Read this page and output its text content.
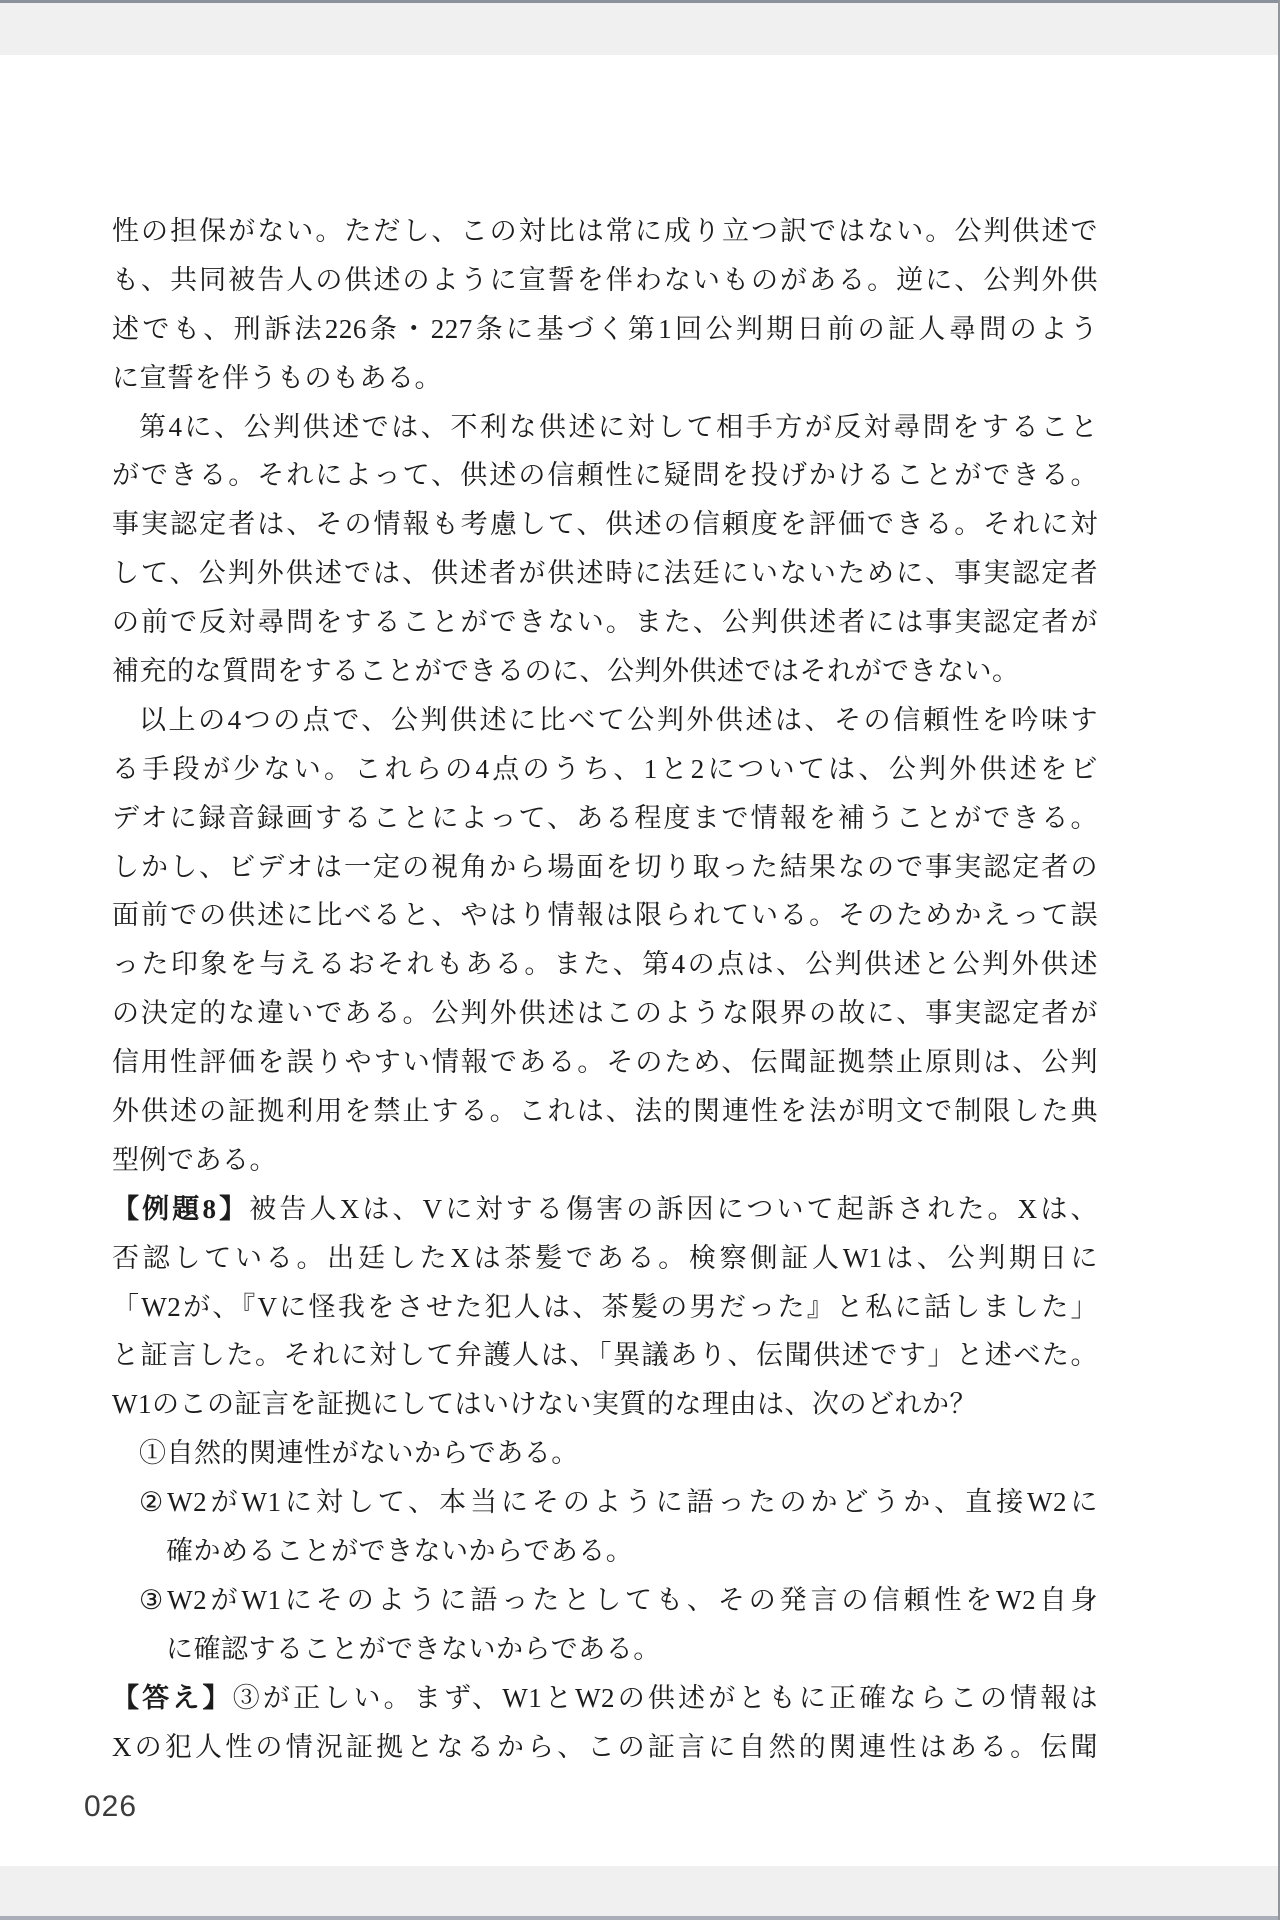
性の担保がない。ただし、この対比は常に成り立つ訳ではない。公判供述で
も、共同被告人の供述のように宣誓を伴わないものがある。逆に、公判外供
述でも、刑訴法226条・227条に基づく第1回公判期日前の証人尋問のよう
に宣誓を伴うものもある。
第4に、公判供述では、不利な供述に対して相手方が反対尋問をすること
ができる。それによって、供述の信頼性に疑問を投げかけることができる。
事実認定者は、その情報も考慮して、供述の信頼度を評価できる。それに対
して、公判外供述では、供述者が供述時に法廷にいないために、事実認定者
の前で反対尋問をすることができない。また、公判供述者には事実認定者が
補充的な質問をすることができるのに、公判外供述ではそれができない。
以上の4つの点で、公判供述に比べて公判外供述は、その信頼性を吟味す
る手段が少ない。これらの4点のうち、1と2については、公判外供述をビ
デオに録音録画することによって、ある程度まで情報を補うことができる。
しかし、ビデオは一定の視角から場面を切り取った結果なので事実認定者の
面前での供述に比べると、やはり情報は限られている。そのためかえって誤
った印象を与えるおそれもある。また、第4の点は、公判供述と公判外供述
の決定的な違いである。公判外供述はこのような限界の故に、事実認定者が
信用性評価を誤りやすい情報である。そのため、伝聞証拠禁止原則は、公判
外供述の証拠利用を禁止する。これは、法的関連性を法が明文で制限した典
型例である。
【例題8】被告人Xは、Vに対する傷害の訴因について起訴された。Xは、
否認している。出廷したXは茶髪である。検察側証人W1は、公判期日に
「W2が、『Vに怪我をさせた犯人は、茶髪の男だった』と私に話しました」
と証言した。それに対して弁護人は、「異議あり、伝聞供述です」と述べた。
W1のこの証言を証拠にしてはいけない実質的な理由は、次のどれか？
①自然的関連性がないからである。
②W2がW1に対して、本当にそのように語ったのかどうか、直接W2に
確かめることができないからである。
③W2がW1にそのように語ったとしても、その発言の信頼性をW2自身
に確認することができないからである。
【答え】③が正しい。まず、W1とW2の供述がともに正確ならこの情報は
Xの犯人性の情況証拠となるから、この証言に自然的関連性はある。伝聞
026
